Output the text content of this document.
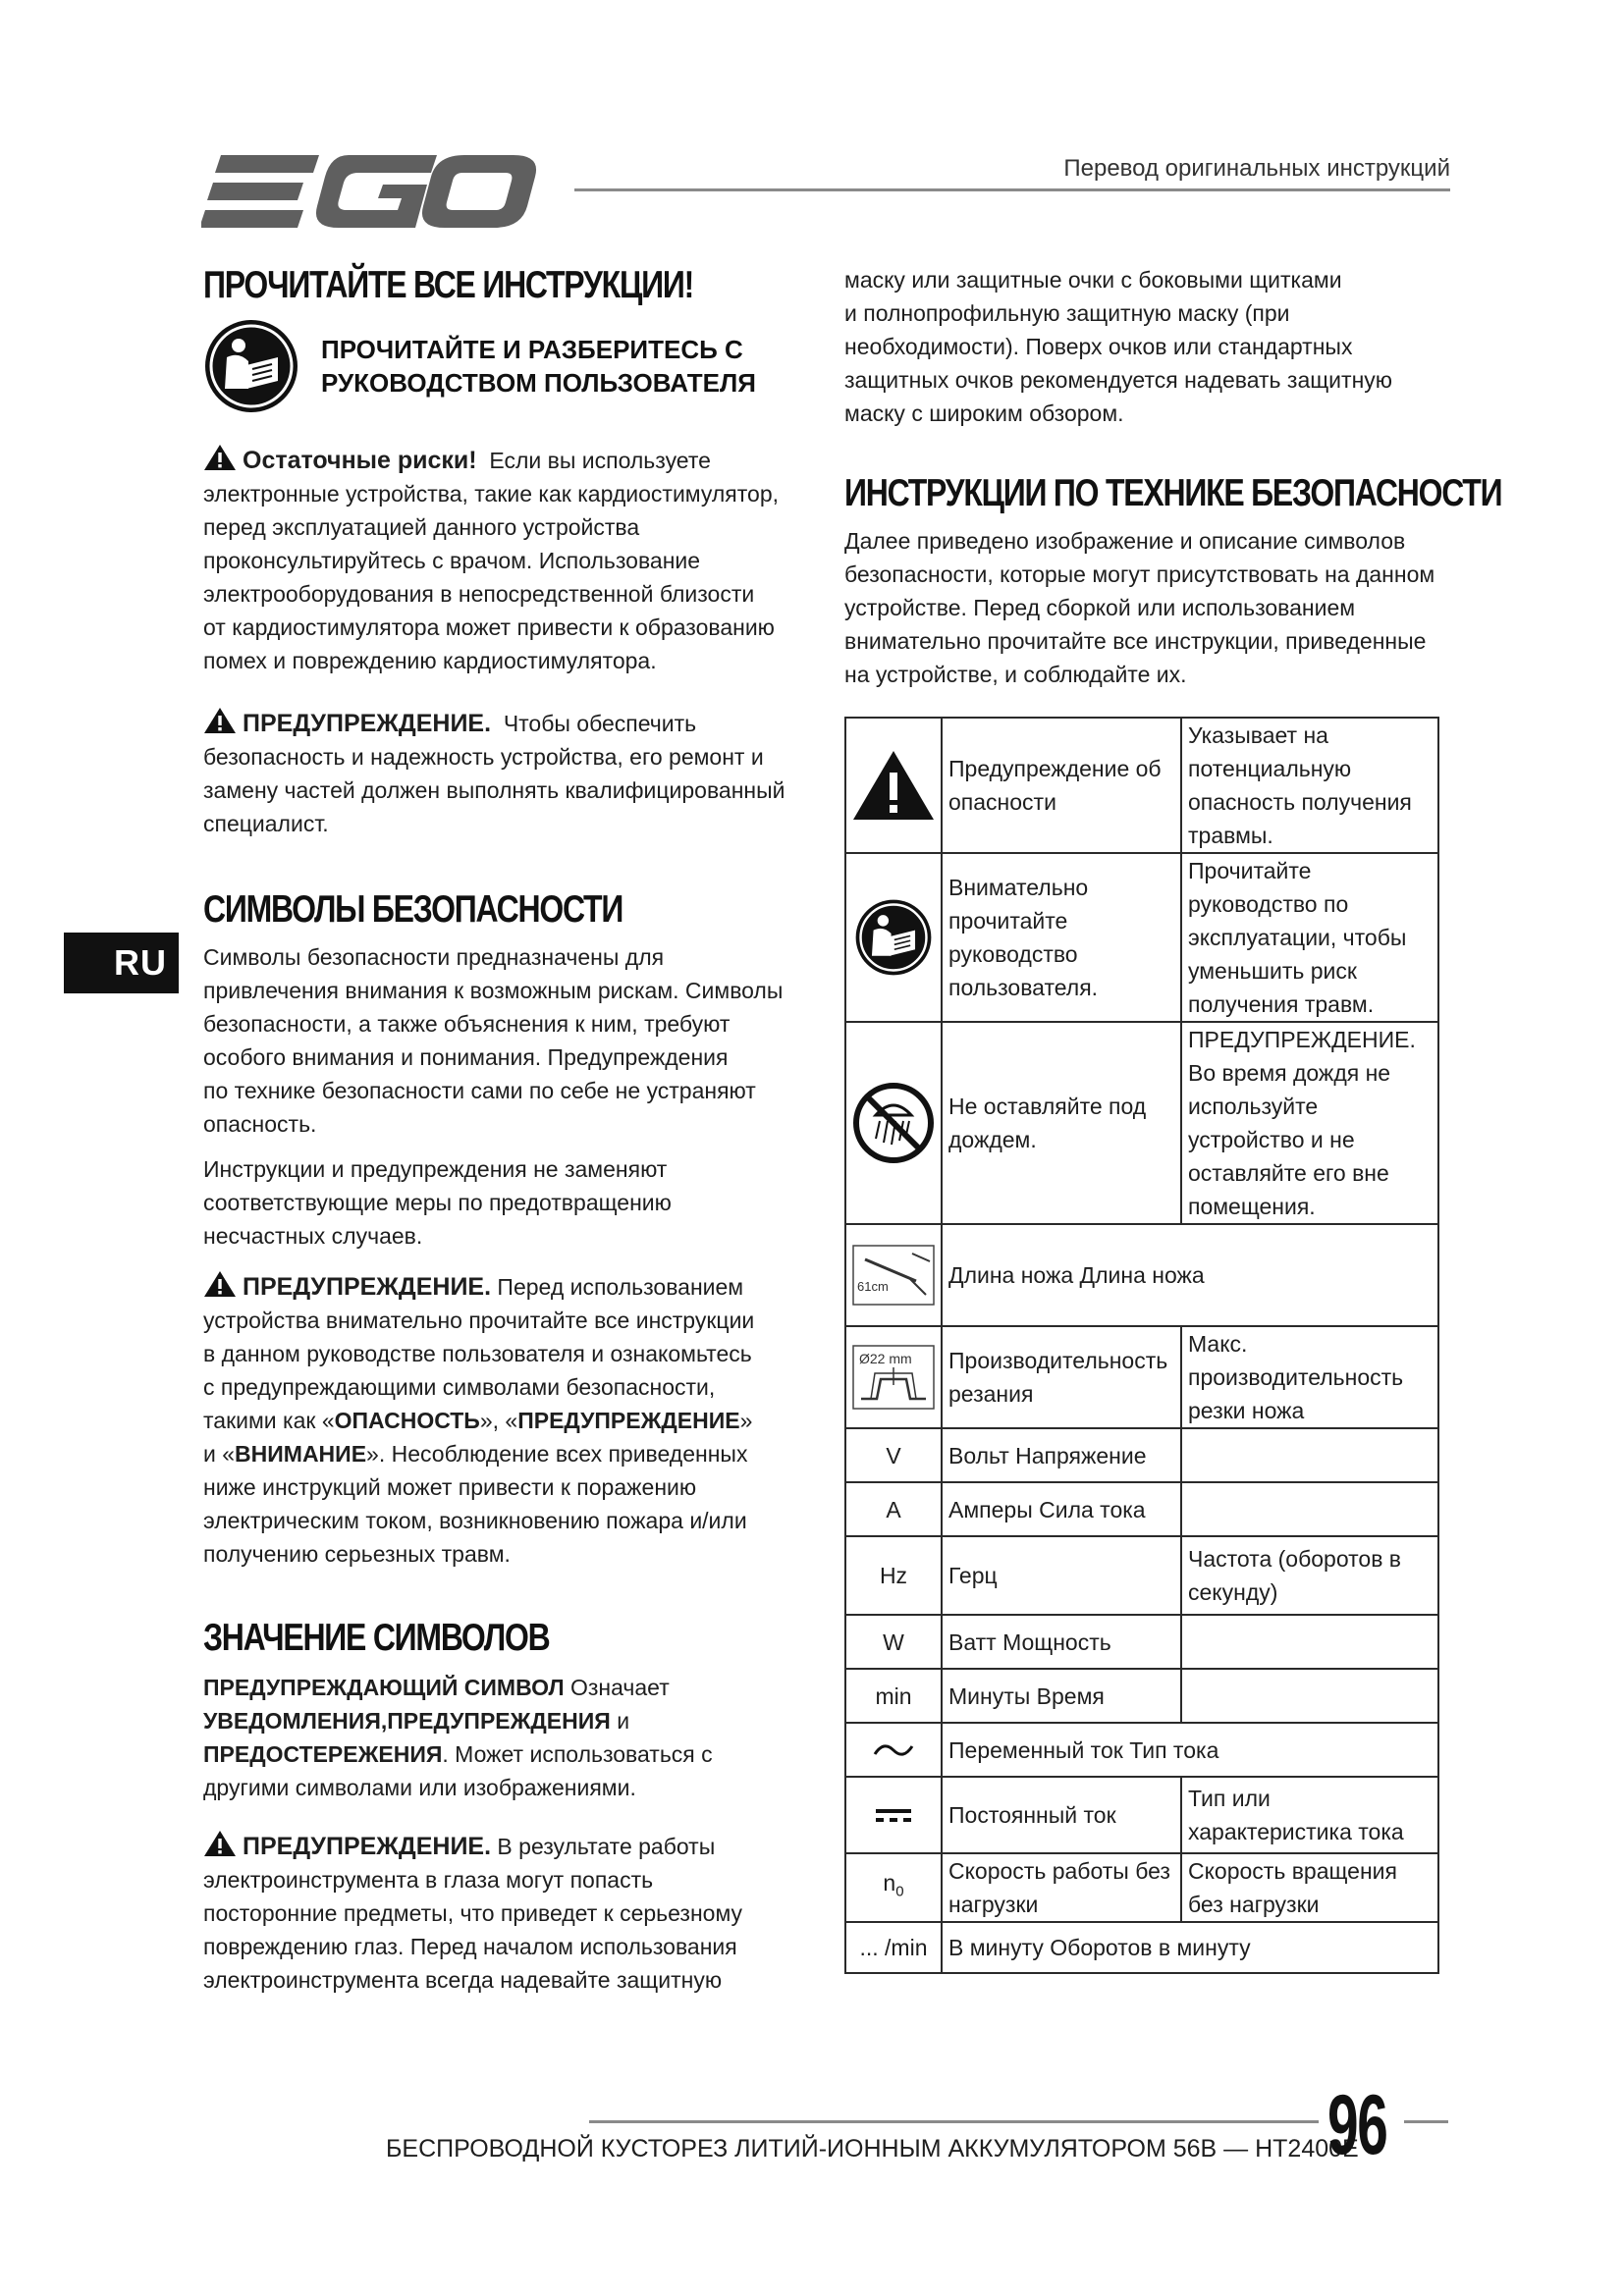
Перевод оригинальных инструкций
RU
ПРОЧИТАЙТЕ ВСЕ ИНСТРУКЦИИ!
ПРОЧИТАЙТЕ И РАЗБЕРИТЕСЬ С
РУКОВОДСТВОМ ПОЛЬЗОВАТЕЛЯ

Остаточные риски! Если вы используете
электронные устройства, такие как кардиостимулятор,
перед эксплуатацией данного устройства
проконсультируйтесь с врачом. Использование
электрооборудования в непосредственной близости
от кардиостимулятора может привести к образованию
помех и повреждению кардиостимулятора.

ПРЕДУПРЕЖДЕНИЕ. Чтобы обеспечить
безопасность и надежность устройства, его ремонт и
замену частей должен выполнять квалифицированный
специалист.

СИМВОЛЫ БЕЗОПАСНОСТИ

Символы безопасности предназначены для
привлечения внимания к возможным рискам. Символы
безопасности, а также объяснения к ним, требуют
особого внимания и понимания. Предупреждения
по технике безопасности сами по себе не устраняют
опасность.

Инструкции и предупреждения не заменяют
соответствующие меры по предотвращению
несчастных случаев.

ПРЕДУПРЕЖДЕНИЕ. Перед использованием
устройства внимательно прочитайте все инструкции
в данном руководстве пользователя и ознакомьтесь
с предупреждающими символами безопасности,
такими как «ОПАСНОСТЬ», «ПРЕДУПРЕЖДЕНИЕ»
и «ВНИМАНИЕ». Несоблюдение всех приведенных
ниже инструкций может привести к поражению
электрическим током, возникновению пожара и/или
получению серьезных травм.

ЗНАЧЕНИЕ СИМВОЛОВ

ПРЕДУПРЕЖДАЮЩИЙ СИМВОЛ Означает
УВЕДОМЛЕНИЯ,ПРЕДУПРЕЖДЕНИЯ и
ПРЕДОСТЕРЕЖЕНИЯ. Может использоваться с
другими символами или изображениями.

ПРЕДУПРЕЖДЕНИЕ. В результате работы
электроинструмента в глаза могут попасть
посторонние предметы, что приведет к серьезному
повреждению глаз. Перед началом использования
электроинструмента всегда надевайте защитную

маску или защитные очки с боковыми щитками
и полнопрофильную защитную маску (при
необходимости). Поверх очков или стандартных
защитных очков рекомендуется надевать защитную
маску с широким обзором.

ИНСТРУКЦИИ ПО ТЕХНИКЕ БЕЗОПАСНОСТИ

Далее приведено изображение и описание символов
безопасности, которые могут присутствовать на данном
устройстве. Перед сборкой или использованием
внимательно прочитайте все инструкции, приведенные
на устройстве, и соблюдайте их.

	Предупреждение об опасности	Указывает на потенциальную опасность получения травмы.

	Внимательно прочитайте руководство пользователя.	Прочитайте руководство по эксплуатации, чтобы уменьшить риск получения травм.

	Не оставляйте под дождем.	ПРЕДУПРЕЖДЕНИЕ. Во время дождя не используйте устройство и не оставляйте его вне помещения.

61cm	Длина ножа Длина ножа	

Ø22 mm	Производительность резания	Макс. производительность резки ножа
V	Вольт Напряжение	
A	Амперы Сила тока	
Hz	Герц	Частота (оборотов в секунду)
W	Ватт Мощность	
min	Минуты Время	

	Переменный ток Тип тока	

	Постоянный ток	Тип или характеристика тока
$n_0$	Скорость работы без нагрузки	Скорость вращения без нагрузки
... /min	В минуту Оборотов в минуту	
БЕСПРОВОДНОЙ КУСТОРЕЗ ЛИТИЙ-ИОННЫМ АККУМУЛЯТОРОМ 56В — HT2400E
96
